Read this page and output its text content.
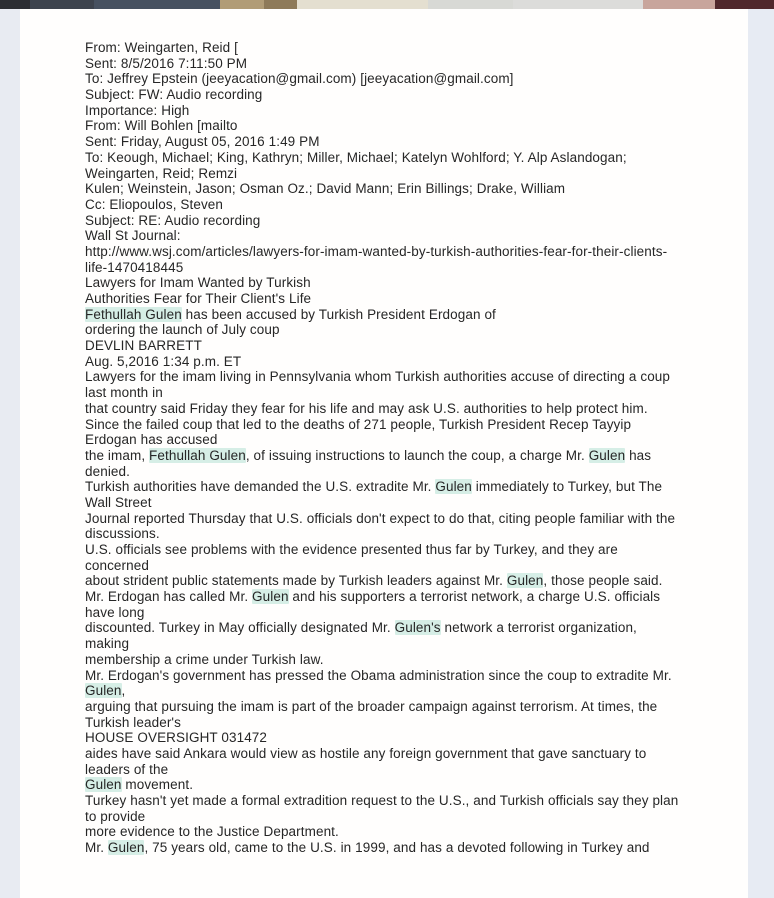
From: Weingarten, Reid [
Sent: 8/5/2016 7:11:50 PM
To: Jeffrey Epstein (jeeyacation@gmail.com) [jeeyacation@gmail.com]
Subject: FW: Audio recording
Importance: High
From: Will Bohlen [mailto
Sent: Friday, August 05, 2016 1:49 PM
To: Keough, Michael; King, Kathryn; Miller, Michael; Katelyn Wohlford; Y. Alp Aslandogan;
Weingarten, Reid; Remzi
Kulen; Weinstein, Jason; Osman Oz.; David Mann; Erin Billings; Drake, William
Cc: Eliopoulos, Steven
Subject: RE: Audio recording
Wall St Journal:
http://www.wsj.com/articles/lawyers-for-imam-wanted-by-turkish-authorities-fear-for-their-clients-
life-1470418445
Lawyers for Imam Wanted by Turkish
Authorities Fear for Their Client's Life
Fethullah Gulen has been accused by Turkish President Erdogan of
ordering the launch of July coup
DEVLIN BARRETT
Aug. 5,2016 1:34 p.m. ET
Lawyers for the imam living in Pennsylvania whom Turkish authorities accuse of directing a coup
last month in
that country said Friday they fear for his life and may ask U.S. authorities to help protect him.
Since the failed coup that led to the deaths of 271 people, Turkish President Recep Tayyip
Erdogan has accused
the imam, Fethullah Gulen, of issuing instructions to launch the coup, a charge Mr. Gulen has
denied.
Turkish authorities have demanded the U.S. extradite Mr. Gulen immediately to Turkey, but The
Wall Street
Journal reported Thursday that U.S. officials don't expect to do that, citing people familiar with the
discussions.
U.S. officials see problems with the evidence presented thus far by Turkey, and they are
concerned
about strident public statements made by Turkish leaders against Mr. Gulen, those people said.
Mr. Erdogan has called Mr. Gulen and his supporters a terrorist network, a charge U.S. officials
have long
discounted. Turkey in May officially designated Mr. Gulen's network a terrorist organization,
making
membership a crime under Turkish law.
Mr. Erdogan's government has pressed the Obama administration since the coup to extradite Mr.
Gulen,
arguing that pursuing the imam is part of the broader campaign against terrorism. At times, the
Turkish leader's
HOUSE OVERSIGHT 031472
aides have said Ankara would view as hostile any foreign government that gave sanctuary to
leaders of the
Gulen movement.
Turkey hasn't yet made a formal extradition request to the U.S., and Turkish officials say they plan
to provide
more evidence to the Justice Department.
Mr. Gulen, 75 years old, came to the U.S. in 1999, and has a devoted following in Turkey and
